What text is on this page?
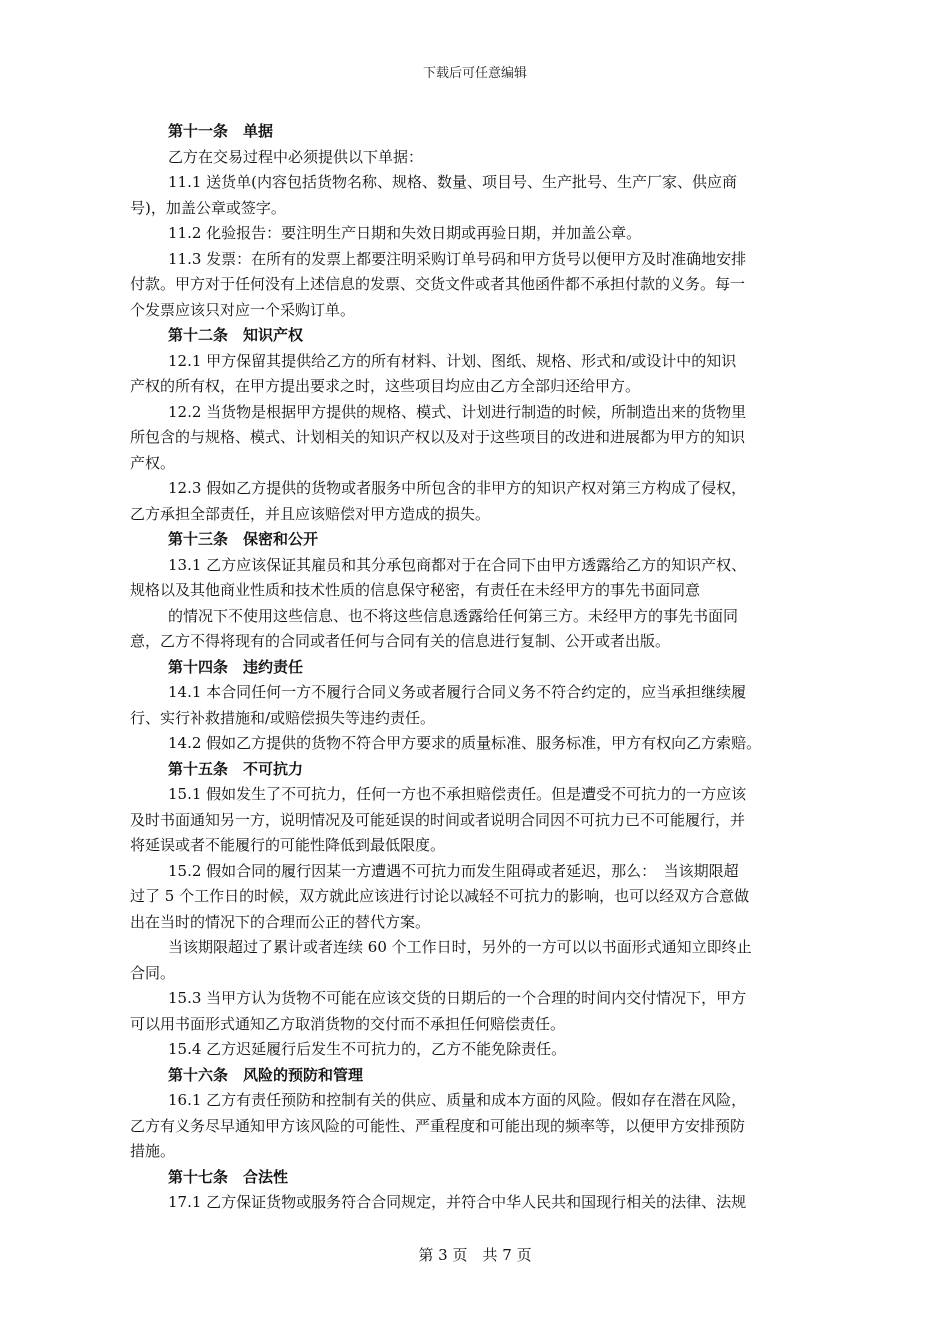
下载后可任意编辑
第十一条　单据
乙方在交易过程中必须提供以下单据：
11.1 送货单(内容包括货物名称、规格、数量、项目号、生产批号、生产厂家、供应商
号)，加盖公章或签字。
11.2 化验报告：要注明生产日期和失效日期或再验日期，并加盖公章。
11.3 发票：在所有的发票上都要注明采购订单号码和甲方货号以便甲方及时准确地安排
付款。甲方对于任何没有上述信息的发票、交货文件或者其他函件都不承担付款的义务。每一
个发票应该只对应一个采购订单。
第十二条　知识产权
12.1 甲方保留其提供给乙方的所有材料、计划、图纸、规格、形式和/或设计中的知识
产权的所有权，在甲方提出要求之时，这些项目均应由乙方全部归还给甲方。
12.2 当货物是根据甲方提供的规格、模式、计划进行制造的时候，所制造出来的货物里
所包含的与规格、模式、计划相关的知识产权以及对于这些项目的改进和进展都为甲方的知识
产权。
12.3 假如乙方提供的货物或者服务中所包含的非甲方的知识产权对第三方构成了侵权，
乙方承担全部责任，并且应该赔偿对甲方造成的损失。
第十三条　保密和公开
13.1 乙方应该保证其雇员和其分承包商都对于在合同下由甲方透露给乙方的知识产权、
规格以及其他商业性质和技术性质的信息保守秘密，有责任在未经甲方的事先书面同意
的情况下不使用这些信息、也不将这些信息透露给任何第三方。未经甲方的事先书面同
意，乙方不得将现有的合同或者任何与合同有关的信息进行复制、公开或者出版。
第十四条　违约责任
14.1 本合同任何一方不履行合同义务或者履行合同义务不符合约定的，应当承担继续履
行、实行补救措施和/或赔偿损失等违约责任。
14.2 假如乙方提供的货物不符合甲方要求的质量标准、服务标准，甲方有权向乙方索赔。
第十五条　不可抗力
15.1 假如发生了不可抗力，任何一方也不承担赔偿责任。但是遭受不可抗力的一方应该
及时书面通知另一方，说明情况及可能延误的时间或者说明合同因不可抗力已不可能履行，并
将延误或者不能履行的可能性降低到最低限度。
15.2 假如合同的履行因某一方遭遇不可抗力而发生阻碍或者延迟，那么：　当该期限超
过了 5 个工作日的时候，双方就此应该进行讨论以减轻不可抗力的影响，也可以经双方合意做
出在当时的情况下的合理而公正的替代方案。
当该期限超过了累计或者连续 60 个工作日时，另外的一方可以以书面形式通知立即终止
合同。
15.3 当甲方认为货物不可能在应该交货的日期后的一个合理的时间内交付情况下，甲方
可以用书面形式通知乙方取消货物的交付而不承担任何赔偿责任。
15.4 乙方迟延履行后发生不可抗力的，乙方不能免除责任。
第十六条　风险的预防和管理
16.1 乙方有责任预防和控制有关的供应、质量和成本方面的风险。假如存在潜在风险，
乙方有义务尽早通知甲方该风险的可能性、严重程度和可能出现的频率等，以便甲方安排预防
措施。
第十七条　合法性
17.1 乙方保证货物或服务符合合同规定，并符合中华人民共和国现行相关的法律、法规
第 3 页　共 7 页
